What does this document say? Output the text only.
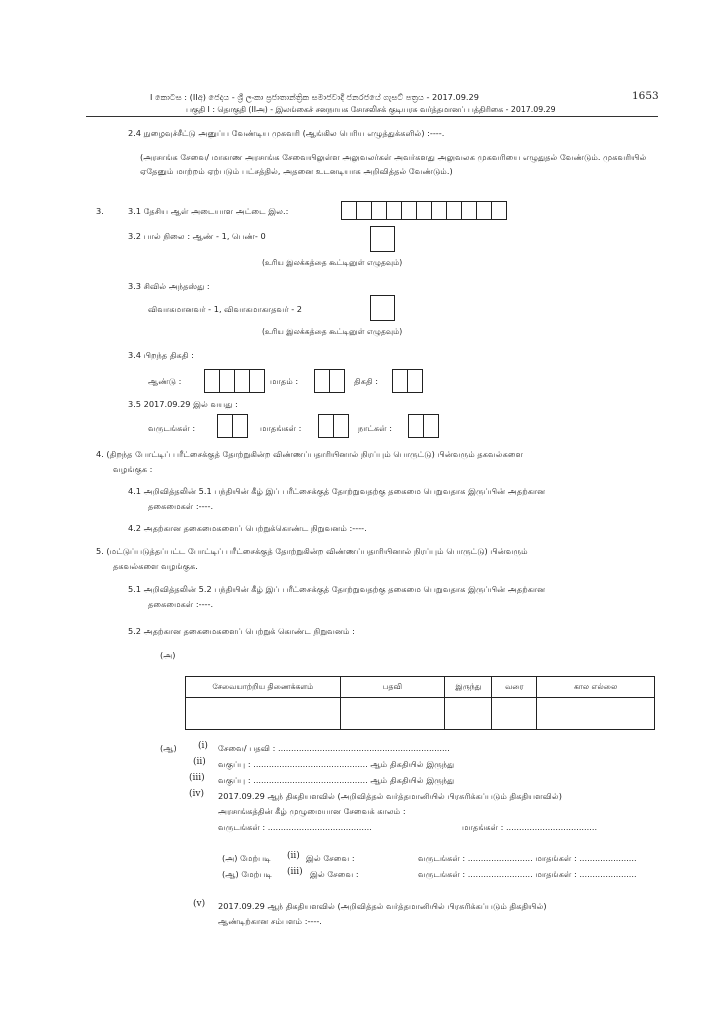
I කොටස : (IIඅ) ජෙදය - ශ්‍රී ලංකා ප්‍රජාතාන්ත්‍රික සමාජවාදී ජනරජයේ ගැසට් පත්‍රය - 2017.09.29	1653
பகுதி I : தொகுதி (IIஅ) - இலங்கைச் சனநாயக சோசலிசக் குடியரசு வர்த்தமானப் பத்திரிகை - 2017.09.29
2.4 நுழைவுச்சீட்டு அனுப்ப வேண்டிய முகவரி (ஆங்கில பெரிய எழுத்துக்களில்) :----.
(அரசாங்க சேவை/ மாகாண அரசாங்க சேவையிலுள்ள அலுவலர்கள் அவர்களது அலுவலக முகவரியை எழுதுதல் வேண்டும். முகவரியில் ஏதேனும் மாற்றம் ஏற்படும் பட்சத்தில், அதனை உடனடியாக அறிவித்தல் வேண்டும்.)
3.	3.1 தேசிய ஆள் அடையாள அட்டை இல.:
3.2 பால் நிலை : ஆண் - 1, பெண்- 0
(உரிய இலக்கத்தை கூட்டினுள் எழுதவும்)
3.3 சிவில் அந்தஸ்து :
விவாகமானவர் - 1, விவாகமாகாதவர் - 2
(உரிய இலக்கத்தை கூட்டினுள் எழுதவும்)
3.4 பிறந்த திகதி :
ஆண்டு :	மாதம் :	திகதி :
3.5 2017.09.29 இல் வயது :
வருடங்கள் :	மாதங்கள் :	நாட்கள் :
4. (திறந்த போட்டிப் பரீட்சைக்குத் தோற்றுகின்ற விண்ணப்பதாரியினால் நிரப்பும் பொருட்டு) பின்வரும் தகவல்களை
வழங்குக :
4.1 அறிவித்தலின் 5.1 பந்தியின் கீழ் இப் பரீட்சைக்குத் தோற்றுவதற்கு தகைமை பெறுவதாக இருப்பின் அதற்கான
தகைமைகள் :----.
4.2 அதற்கான தகைமைகளைப் பெற்றுக்கொண்ட நிறுவனம் :----.
5. (மட்டுப்படுத்தப்பட்ட போட்டிப் பரீட்சைக்குத் தோற்றுகின்ற விண்ணப்பதாரியினால் நிரப்பும் பொருட்டு) பின்வரும்
தகவல்களை வழங்குக.
5.1 அறிவித்தலின் 5.2 பந்தியின் கீழ் இப் பரீட்சைக்குத் தோற்றுவதற்கு தகைமை பெறுவதாக இருப்பின் அதற்கான
தகைமைகள் :----.
5.2 அதற்கான தகைமைகளைப் பெற்றுக் கொண்ட நிறுவனம் :
(அ)
சேவையாற்றிய திணைக்களம்	பதவி	இருந்து	வரை	கால எல்லை

(ஆ) (i) சேவை/ பதவி : ..................................................................
(ii) வகுப்பு : ............................................ ஆம் திகதியில் இருந்து
(iii) வகுப்பு : ............................................ ஆம் திகதியில் இருந்து
(iv) 2017.09.29 ஆந் திகதியளவில் (அறிவித்தல் வர்த்தமானியில் பிரசுரிக்கப்படும் திகதியளவில்)
அரசாங்கத்தின் கீழ் முழுமையான சேவைக் காலம் :
வருடங்கள் : ........................................	மாதங்கள் : ...................................
(அ) மேற்படி (ii) இல் சேவை :	வருடங்கள் : ......................... மாதங்கள் : ......................
(ஆ) மேற்படி (iii) இல் சேவை :	வருடங்கள் : ......................... மாதங்கள் : ......................
(v) 2017.09.29 ஆந் திகதியளவில் (அறிவித்தல் வர்த்தமானியில் பிரசுரிக்கப்படும் திகதியில்)
ஆண்டிற்கான சம்பளம் :----.
